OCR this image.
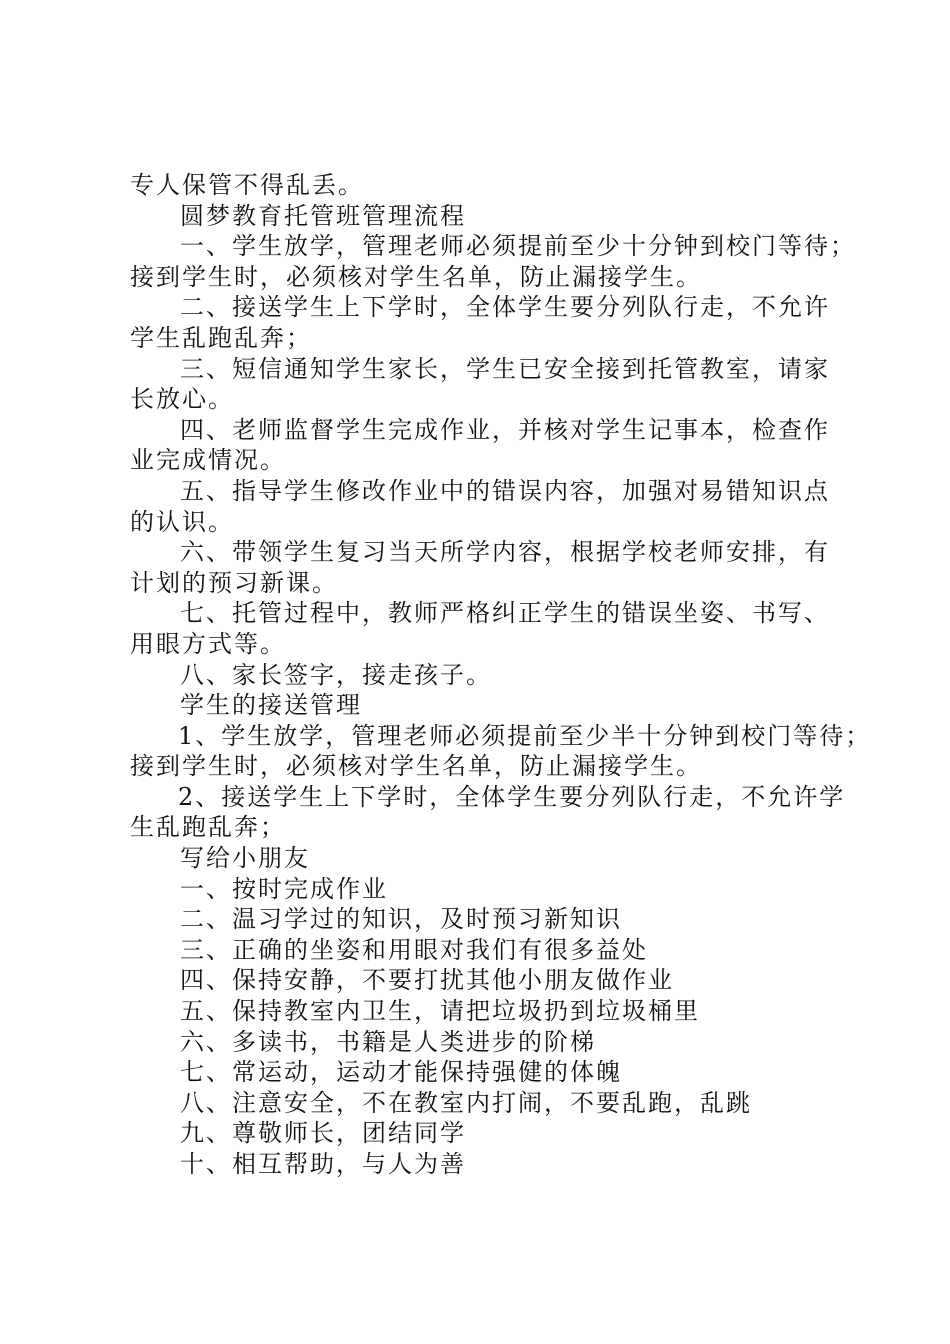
专人保管不得乱丢。
圆梦教育托管班管理流程
一、学生放学，管理老师必须提前至少十分钟到校门等待；
接到学生时，必须核对学生名单，防止漏接学生。
二、接送学生上下学时，全体学生要分列队行走，不允许
学生乱跑乱奔；
三、短信通知学生家长，学生已安全接到托管教室，请家
长放心。
四、老师监督学生完成作业，并核对学生记事本，检查作
业完成情况。
五、指导学生修改作业中的错误内容，加强对易错知识点
的认识。
六、带领学生复习当天所学内容，根据学校老师安排，有
计划的预习新课。
七、托管过程中，教师严格纠正学生的错误坐姿、书写、
用眼方式等。
八、家长签字，接走孩子。
学生的接送管理
1、学生放学，管理老师必须提前至少半十分钟到校门等待；
接到学生时，必须核对学生名单，防止漏接学生。
2、接送学生上下学时，全体学生要分列队行走，不允许学
生乱跑乱奔；
写给小朋友
一、按时完成作业
二、温习学过的知识，及时预习新知识
三、正确的坐姿和用眼对我们有很多益处
四、保持安静，不要打扰其他小朋友做作业
五、保持教室内卫生，请把垃圾扔到垃圾桶里
六、多读书，书籍是人类进步的阶梯
七、常运动，运动才能保持强健的体魄
八、注意安全，不在教室内打闹，不要乱跑，乱跳
九、尊敬师长，团结同学
十、相互帮助，与人为善
